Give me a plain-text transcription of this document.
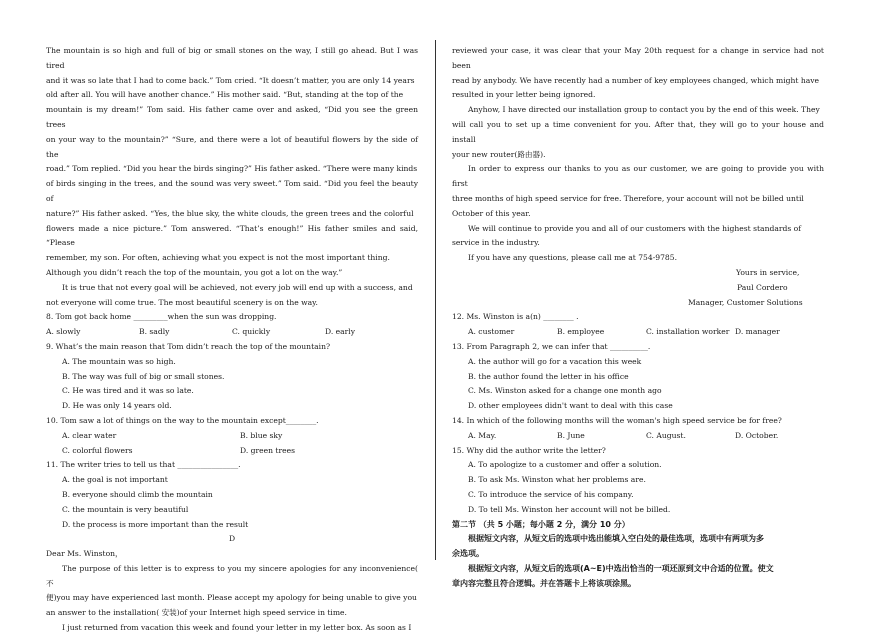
The mountain is so high and full of big or small stones on the way, I still go ahead. But I was tired

and it was so late that I had to come back.” Tom cried. “It doesn’t matter, you are only 14 years

old after all. You will have another chance.” His mother said. “But, standing at the top of the

mountain is my dream!” Tom said. His father came over and asked, “Did you see the green trees

on your way to the mountain?” “Sure, and there were a lot of beautiful flowers by the side of the

road.” Tom replied. “Did you hear the birds singing?” His father asked. “There were many kinds

of birds singing in the trees, and the sound was very sweet.” Tom said. “Did you feel the beauty of

nature?” His father asked. “Yes, the blue sky, the white clouds, the green trees and the colorful

flowers made a nice picture.” Tom answered. “That’s enough!” His father smiles and said, “Please

remember, my son. For often, achieving what you expect is not the most important thing.

Although you didn’t reach the top of the mountain, you got a lot on the way.”

It is true that not every goal will be achieved, not every job will end up with a success, and

not everyone will come true. The most beautiful scenery is on the way.

8. Tom got back home _________when the sun was dropping.

A. slowly	B. sadly	C. quickly	D. early

9. What’s the main reason that Tom didn’t reach the top of the mountain?

A. The mountain was so high.

B. The way was full of big or small stones.

C. He was tired and it was so late.

D. He was only 14 years old.

10. Tom saw a lot of things on the way to the mountain except________.

A. clear water	B. blue sky
C. colorful flowers	D. green trees

11. The writer tries to tell us that ________________.

A. the goal is not important

B. everyone should climb the mountain

C. the mountain is very beautiful

D. the process is more important than the result

D

Dear Ms. Winston，

The purpose of this letter is to express to you my sincere apologies for any inconvenience( 不

便)you may have experienced last month. Please accept my apology for being unable to give you

an answer to the installation( 安装)of your Internet high speed service in time.

I just returned from vacation this week and found your letter in my letter box. As soon as I

reviewed your case, it was clear that your May 20th request for a change in service had not been

read by anybody. We have recently had a number of key employees changed, which might have

resulted in your letter being ignored.

Anyhow, I have directed our installation group to contact you by the end of this week. They

will call you to set up a time convenient for you. After that, they will go to your house and install

your new router(路由器).

In order to express our thanks to you as our customer, we are going to provide you with first

three months of high speed service for free. Therefore, your account will not be billed until

October of this year.

We will continue to provide you and all of our customers with the highest standards of

service in the industry.

If you have any questions, please call me at 754-9785.

Yours in service,

Paul Cordero

Manager, Customer Solutions

12. Ms. Winston is a(n) ________ .

A. customer	B. employee	C. installation worker D. manager

13. From Paragraph 2, we can infer that __________.

A. the author will go for a vacation this week

B. the author found the letter in his office

C. Ms. Winston asked for a change one month ago

D. other employees didn't want to deal with this case

14. In which of the following months will the woman's high speed service be for free?

A. May.	B. June	C. August.	D. October.

15. Why did the author write the letter?

A. To apologize to a customer and offer a solution.

B. To ask Ms. Winston what her problems are.

C. To introduce the service of his company.

D. To tell Ms. Winston her account will not be billed.

第二节 （共 5 小题；每小题 2 分，满分 10 分）

根据短文内容，从短文后的选项中选出能填入空白处的最佳选项，选项中有两项为多

余选项。

根据短文内容，从短文后的选项(A~E)中选出恰当的一项还原到文中合适的位置。使文

章内容完整且符合逻辑。并在答题卡上将该项涂黑。
